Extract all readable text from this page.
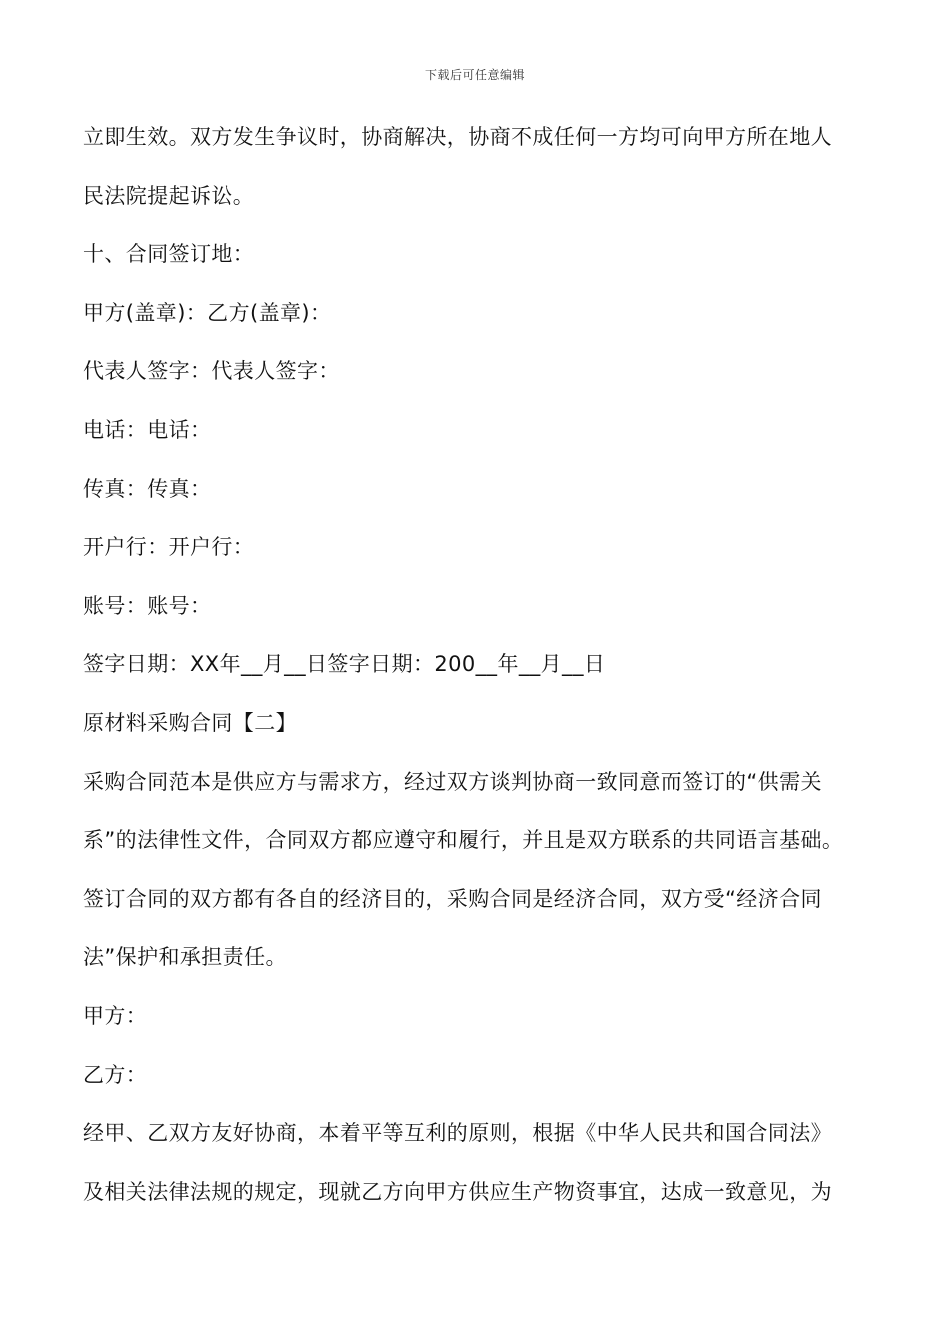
下载后可任意编辑
立即生效。双方发生争议时，协商解决，协商不成任何一方均可向甲方所在地人
民法院提起诉讼。
十、合同签订地：
甲方(盖章)：乙方(盖章)：
代表人签字：代表人签字：
电话：电话：
传真：传真：
开户行：开户行：
账号：账号：
签字日期：XX年__月__日签字日期：200__年__月__日
原材料采购合同【二】
采购合同范本是供应方与需求方，经过双方谈判协商一致同意而签订的“供需关
系”的法律性文件，合同双方都应遵守和履行，并且是双方联系的共同语言基础。
签订合同的双方都有各自的经济目的，采购合同是经济合同，双方受“经济合同
法”保护和承担责任。
甲方：
乙方：
经甲、乙双方友好协商，本着平等互利的原则，根据《中华人民共和国合同法》
及相关法律法规的规定，现就乙方向甲方供应生产物资事宜，达成一致意见，为
